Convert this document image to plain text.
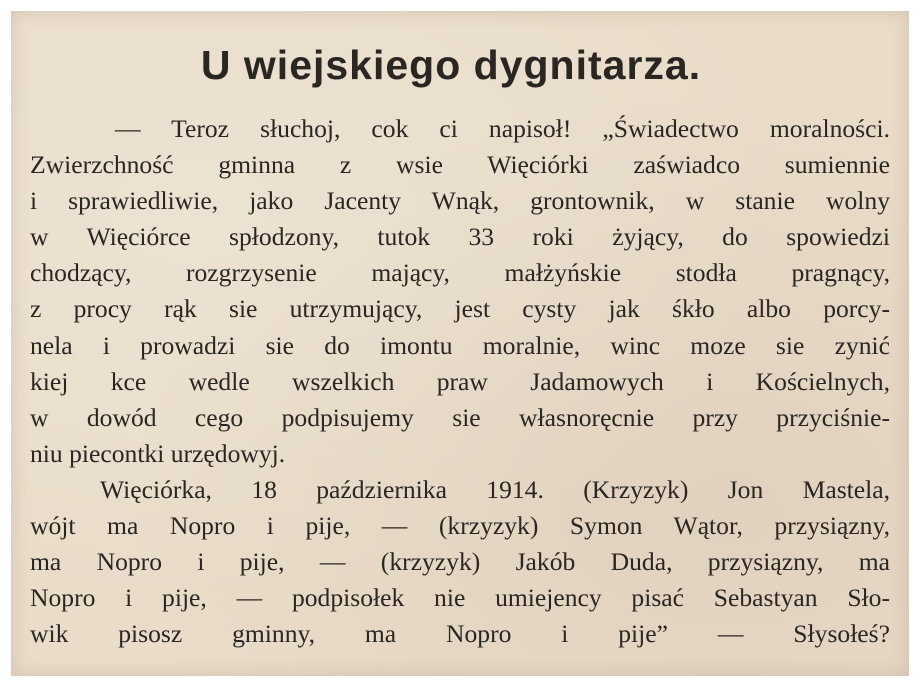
U wiejskiego dygnitarza.
— Teroz słuchoj, cok ci napisoł! „Świadectwo moralności.
Zwierzchność gminna z wsie Więciórki zaświadco sumiennie
i sprawiedliwie, jako Jacenty Wnąk, grontownik, w stanie wolny
w Więciórce spłodzony, tutok 33 roki żyjący, do spowiedzi
chodzący, rozgrzysenie mający, małżyńskie stodła pragnący,
z procy rąk sie utrzymujący, jest cysty jak śkło albo porcy-
nela i prowadzi sie do imontu moralnie, winc moze sie zynić
kiej kce wedle wszelkich praw Jadamowych i Kościelnych,
w dowód cego podpisujemy sie własnoręcnie przy przyciśnie-
niu piecontki urzędowyj.
Więciórka, 18 października 1914. (Krzyzyk) Jon Mastela,
wójt ma Nopro i pije, — (krzyzyk) Symon Wątor, przysiązny,
ma Nopro i pije, — (krzyzyk) Jakób Duda, przysiązny, ma
Nopro i pije, — podpisołek nie umiejency pisać Sebastyan Sło-
wik pisosz gminny, ma Nopro i pije” — Słysołeś?
